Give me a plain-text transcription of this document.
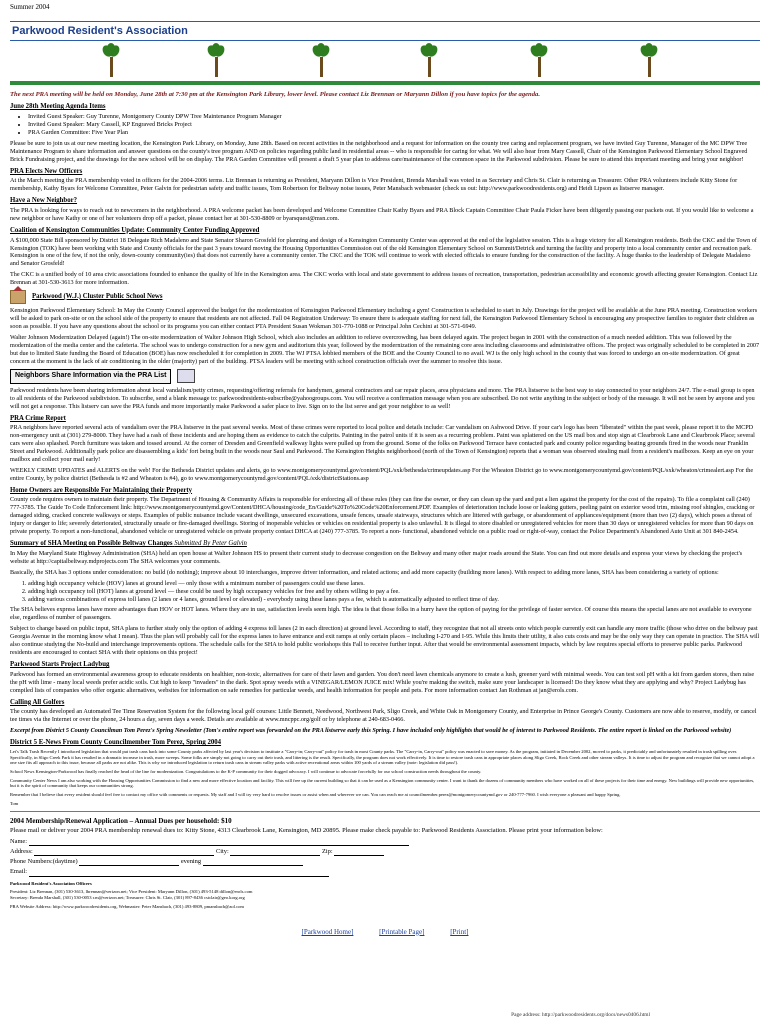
Summer 2004
Parkwood Resident's Association
The next PRA meeting will be held on Monday, June 28th at 7:30 pm at the Kensington Park Library, lower level. Please contact Liz Brennan or Maryann Dillon if you have topics for the agenda.
June 28th Meeting Agenda Items
• Invited Guest Speaker: Guy Turenne, Montgomery County DPW Tree Maintenance Program Manager
• Invited Guest Speaker: Mary Cassell, KP Engraved Bricks Project
• PRA Garden Committee: Five Year Plan

Please be sure to join us at our new meeting location, the Kensington Park Library, on Monday, June 28th. Based on recent activities in the neighborhood and a request for information on the county tree caring and replacement program, we have invited Guy Turenne, Manager of the MC DPW Tree Maintenance Program to share information and answer questions on the county's tree program AND on policies regarding public land in residential areas -- who is responsible for caring for what. We will also hear from Mary Cassell, Chair of the Kensington Parkwood Elementary School Engraved Brick Fundraising project, and the drawings for the new school will be on display. The PRA Garden Committee will present a draft 5 year plan to address care/maintenance of the common space in the Parkwood subdivision. Please be sure to attend this important meeting and bring your neighbor!

PRA Elects New Officers

At the March meeting the PRA membership voted in officers for the 2004-2006 terms. Liz Brennan is returning as President, Maryann Dillon is Vice President, Brenda Marshall was voted in as Secretary and Chris St. Clair is returning as Treasurer. Other PRA volunteers include Kitty Stone for membership, Kathy Byars for Welcome Committee, Peter Galvin for pedestrian safety and traffic issues, Tom Robertson for Beltway noise issues, Peter Mansbach webmaster (check us out: http://www.parkwoodresidents.org) and Heidi Lipson as listserve manager.

Have a New Neighbor?

The PRA is looking for ways to reach out to newcomers in the neighborhood. A PRA welcome packet has been developed and Welcome Committee Chair Kathy Byars and PRA Block Captain Committee Chair Paula Ficker have been diligently passing our packets out. If you would like to welcome a new neighbor or have Kathy or one of her volunteers drop off a packet, please contact her at 301-530-8809 or byarsquest@msn.com.

Coalition of Kensington Communities Update: Community Center Funding Approved

A $100,000 State Bill sponsored by District 18 Delegate Rich Madaleno and State Senator Sharon Grosfeld for planning and design of a Kensington Community Center was approved at the end of the legislative session. This is a huge victory for all Kensington residents. Both the CKC and the Town of Kensington (TOK) have been working with State and County officials for the past 3 years toward moving the Housing Opportunities Commission out of the old Kensington Elementary School on Summit/Detrick and turning the facility and property into a local community center and recreation park. Kensington is one of the few, if not the only, down-county community(ies) that does not currently have a community center. The CKC and the TOK will continue to work with elected officials to ensure funding for the construction of the facility. A huge thanks to the leadership of Delegate Madaleno and Senator Grosfeld!

The CKC is a unified body of 10 area civic associations founded to enhance the quality of life in the Kensington area. The CKC works with local and state government to address issues of recreation, transportation, pedestrian accessibility and economic growth affecting greater Kensington. Contact Liz Brennan at 301-530-3613 for more information.

Parkwood (W.J.) Cluster Public School News

Kensington Parkwood Elementary School: In May the County Council approved the budget for the modernization of Kensington Parkwood Elementary including a gym! Construction is scheduled to start in July. Drawings for the project will be available at the June PRA meeting. Construction workers will be asked to park on-site or on the school side of the property to ensure that residents are not affected. Fall 04 Registration Underway: To ensure there is adequate staffing for next fall, the Kensington Parkwood Elementary School is encouraging any prospective families to register their children as soon as possible. If you have any questions about the school or its programs you can either contact PTA President Susan Wokman 301-770-1088 or Principal John Cechini at 301-571-6949.

Walter Johnson Modernization Delayed (again!) The on-site modernization of Walter Johnson High School, which also includes an addition to relieve overcrowding, has been delayed again. The project began in 2001 with the construction of a much needed addition. This was followed by the modernization of the media center and the cafeteria. The school was to undergo construction for a new gym and auditorium this year, followed by the modernization of the remaining core area including classrooms and administrative offices. The project was originally scheduled to be completed in 2007 but due to limited State funding the Board of Education (BOE) has now rescheduled it for completion in 2009. The WJ PTSA lobbied members of the BOE and the County Council to no avail. WJ is the only high school in the county that was forced to undergo an on-site modernization. Of great concern at the moment is the lack of air conditioning in the older (majority) part of the building. PTSA leaders will be meeting with school construction officials over the summer to resolve this issue.

Neighbors Share Information via the PRA List

Parkwood residents have been sharing information about local vandalism/petty crimes, requesting/offering referrals for handymen, general contractors and car repair places, area physicians and more. The PRA listserve is the best way to stay connected to your neighbors 24/7. The e-mail group is open to all residents of the Parkwood subdivision. To subscribe, send a blank message to: parkwoodresidents-subscribe@yahoogroups.com. You will receive a confirmation message when you are subscribed. Do not write anything in the subject or body of the message. It will not be seen by anyone and you will not get a response. This listserv can save the PRA funds and more importantly make Parkwood a safer place to live. Sign on to the list serve and get your neighbor to as well!

PRA Crime Report

PRA neighbors have reported several acts of vandalism over the PRA listserve in the past several weeks. Most of these crimes were reported to local police and details include: Car vandalism on Ashwood Drive. If your car's logo has been "liberated" within the past week, please report it to the MCPD non-emergency unit at (301) 279-8000. They have had a rash of these incidents and are hoping them as evidence to catch the culprits. Painting in the patrol units if it is seen as a recurring problem. Paint was splattered on the US mail box and stop sign at Clearbrook Lane and Clearbrook Place; several cars were also splashed. Porch furniture was taken and tossed around. At the corner of Dresden and Greenfield walkway lights were pulled up from the ground. Some of the folks on Parkwood Terrace have contacted park and county police regarding beating grounds fired in the woods near Franklin Street and Parkwood. Additionally park police are disassembling a kids' fort being built in the woods near Saul and Parkwood. The Kensington Heights neighborhood (north of the Town of Kensington) reports that a woman was observed stealing mail from a resident's mailboxes. Keep an eye on your mailbox and collect your mail early!

WEEKLY CRIME UPDATES and ALERTS on the web! For the Bethesda District updates and alerts, go to www.montgomerycountymd.gov/content/PQL/sxk/bethesda/crimeupdates.asp For the Wheaton District go to www.montgomerycountymd.gov/content/PQL/sxk/wheaton/crimealert.asp For the entire County, by police district (Bethesda is #2 and Wheaton is #4), go to www.montgomerycountymd.gov/content/PQL/sxk/districtStations.asp

Home Owners are Responsible For Maintaining their Property

County code requires owners to maintain their property. The Department of Housing & Community Affairs is responsible for enforcing all of these rules (they can fine the owner, or they can clean up the yard and put a lien against the property for the cost of the repairs). To file a complaint call (240) 777-3785. The Guide To Code Enforcement link: http://www.montgomerycountymd.gov/Content/DHCA/housing/code_En/Guide%20To%20Code%20Enforcement.PDF. Examples of deterioration include loose or leaking gutters, peeling paint on exterior wood trim, missing roof shingles, cracking or damaged siding, cracked concrete walkways or steps. Examples of public nuisance include vacant dwellings, unsecured excavations, unsafe fences, unsafe stairways, structures which are littered with garbage, or abandonment of appliances/equipment (more than two (2) days), which poses a threat of injury or danger to life; severely deteriorated, structurally unsafe or fire-damaged dwellings. Storing of inoperable vehicles or vehicles on residential property is also unlawful. It is illegal to store disabled or unregistered vehicles for more than 30 days or unregistered vehicles for more than 90 days on private property. To report a non-functional, abandoned vehicle or unregistered vehicle on private property contact DHCA at (240) 777-3785. To report a non- functional, abandoned vehicle on a public road or right-of-way, contact the Police Department's Abandoned Auto Unit at 301 840-2454.

Summary of SHA Meeting on Possible Beltway Changes Submitted By Peter Galvin

In May the Maryland State Highway Administration (SHA) held an open house at Walter Johnson HS to present their current study to decrease congestion on the Beltway and many other major roads around the State. You can find out more details and express your views by checking the project's website at http://capitalbeltway.mdprojects.com The SHA welcomes your comments.

Basically, the SHA has 3 options under consideration: no build (do nothing); improve about 10 interchanges, improve driver information, and related actions; and add more capacity (building more lanes). With respect to adding more lanes, SHA has been considering a variety of options:

1. adding high occupancy vehicle (HOV) lanes at ground level — only those with a minimum number of passengers could use these lanes.
2. adding high occupancy toll (HOT) lanes at ground level — these could be used by high occupancy vehicles for free and by others willing to pay a fee.
3. adding various combinations of express toll lanes (2 lanes or 4 lanes, ground level or elevated) - everybody using these lanes pays a fee, which is automatically adjusted to reflect time of day.

The SHA believes express lanes have more advantages than HOV or HOT lanes. Where they are in use, satisfaction levels seem high. The idea is that those folks in a hurry have the option of paying for the privilege of faster service. Of course this means the special lanes are not available to everyone else, regardless of number of passengers.

Subject to change based on public input, SHA plans to further study only the option of adding 4 express toll lanes (2 in each direction) at ground level. According to staff, they recognize that not all streets onto which people currently exit can handle any more traffic (those who drive on the beltway past Georgia Avenue in the morning know what I mean). Thus the plan will probably call for the express lanes to have entrance and exit ramps at only certain places – including I-270 and I-95. While this limits their utility, it also cuts costs and may be the only way they can operate in practice. The SHA will also continue studying the No-build and interchange improvements options. The schedule calls for the SHA to hold public workshops this Fall to receive further input. After that would be environmental assessment impacts, which by law requires special efforts to preserve public parks. Parkwood residents are encouraged to contact SHA with their opinions on this project!

Parkwood Starts Project Ladybug

Parkwood has formed an environmental awareness group to educate residents on healthier, non-toxic, alternatives for care of their lawn and garden. You don't need lawn chemicals anymore to create a lush, greener yard with minimal weeds. You can test soil pH with a kit from garden stores, then raise the pH with lime - many local weeds prefer acidic soils. Cut high to keep "invaders" in the dark. Spot spray weeds with a VINEGAR/LEMON JUICE mix! While you're making the switch, make sure your landscaper is licensed! Do they know what they are applying and why? Project Ladybug has compiled lists of companies who offer organic alternatives, websites for information on safe remedies for particular weeds, and health information for people and pets. For more information contact Jan Rothman at jan@erols.com.

Calling All Golfers

The county has developed an Automated Tee Time Reservation System for the following local golf courses: Little Bennett, Needwood, Northwest Park, Sligo Creek, and White Oak in Montgomery County, and Enterprise in Prince George's County. Customers are now able to reserve, modify, or cancel tee times via the Internet or over the phone, 24 hours a day, seven days a week. Details are available at www.mncppc.org/golf or by telephone at 240-683-0466.

Excerpt from District 5 County Councilman Tom Perez's Spring Newsletter (Tom's entire report was forwarded on the PRA listserve early this Spring. I have included only highlights that would be of interest to Parkwood Residents. The entire report is linked on the Parkwood website)

District 5 E-News From County Councilmember Tom Perez, Spring 2004

Let's Talk Trash Recently I introduced legislation that would put trash cans back into some County parks affected by last year's decision to institute a "Carry-in; Carry-out" policy for trash in most County parks. The "Carry-in, Carry-out" policy was enacted to save money. As the program, initiated in December 2002, moved to parks, it predictably and unfortunately resulted in trash spilling over. Specifically, in Sligo Creek Park it has resulted in a dramatic increase in trash, more sweeps. Some folks are simply not going to carry out their trash, and littering is the result. Specifically, the program does not work effectively. It is time to restore trash cans in appropriate places along Sligo Creek, Rock Creek and other stream valleys. It is time to adjust the program and recognize that we cannot adopt a one size fits all approach to this issue, because all parks are not alike. This is why we introduced legislation to return trash cans in stream valley parks with active recreational areas within 100 yards of a stream valley (note: legislation did pass!).

School News Kensington-Parkwood has finally reached the head of the line for modernization. Congratulations to the K-P community for their dogged advocacy. I will continue to advocate forcefully for our school construction needs throughout the county.

Community Center News I am also working with the Housing Opportunities Commission to find a new and more effective location and facility. This will free up the current building so that it can be used as a Kensington community center. I want to thank the dozens of community members who have worked on all of these projects for their time and energy. New buildings will provide new opportunities, but it is the spirit of community that keeps our communities strong.

Remember that I believe that every resident should feel free to contact my office with comments or requests. My staff and I will try very hard to resolve issues or assist when and wherever we can. You can reach me at councilmember.perez@montgomerycountymd.gov or 240-777-7960. I wish everyone a pleasant and happy Spring.

Tom

2004 Membership/Renewal Application – Annual Dues per household: $10

Please mail or deliver your 2004 PRA membership renewal dues to: Kitty Stone, 4313 Clearbrook Lane, Kensington, MD 20895. Please make check payable to: Parkwood Residents Association. Please print your information below:

Name:
Address:	City:	Zip:
Phone Numbers:(daytime)	evening
Email:

Parkwood Resident's Association Officers

President: Liz Brennan, (301) 530-3613, lbrennan@verizon.net; Vice President: Maryann Dillon, (301) 493-5148 dillon@erols.com

Secretary: Brenda Marshall, (301) 530-0053 r.m@verizon.net; Treasurer: Chris St. Clair, (301) 897-8436 cstclair@geo.korg.org

PRA Website Address: http://www.parkwoodresidents.org, Webmaster: Peter Mansbach, (301) 493-8809, pmansbach@aol.com

[Parkwood Home]	[Printable Page]	[Print]
Page address: http://parkwoodresidents.org/docs/news0406.html
